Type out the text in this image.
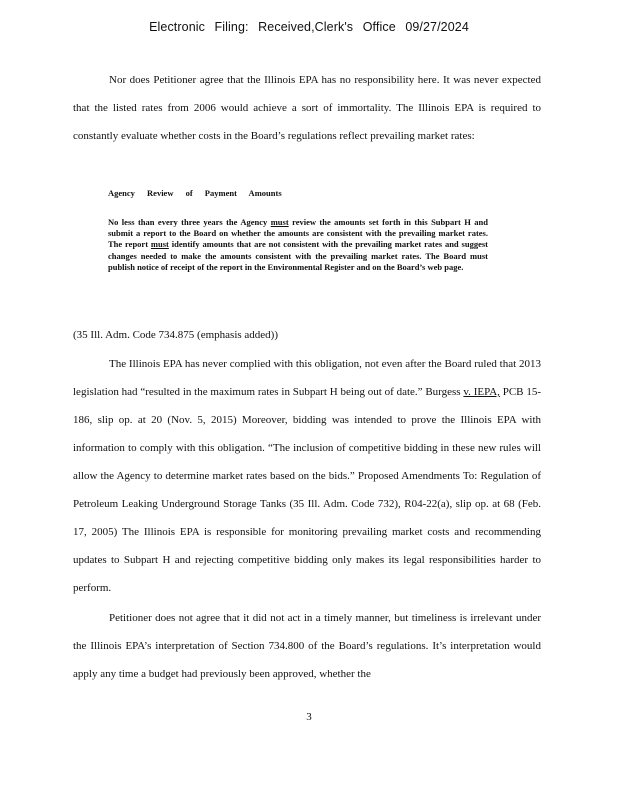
Electronic Filing: Received,Clerk's Office 09/27/2024

Nor does Petitioner agree that the Illinois EPA has no responsibility here. It was never expected that the listed rates from 2006 would achieve a sort of immortality. The Illinois EPA is required to constantly evaluate whether costs in the Board’s regulations reflect prevailing market rates:

Agency Review of Payment Amounts
No less than every three years the Agency must review the amounts set forth in this Subpart H and submit a report to the Board on whether the amounts are consistent with the prevailing market rates. The report must identify amounts that are not consistent with the prevailing market rates and suggest changes needed to make the amounts consistent with the prevailing market rates. The Board must publish notice of receipt of the report in the Environmental Register and on the Board’s web page.
(35 Ill. Adm. Code 734.875 (emphasis added))
The Illinois EPA has never complied with this obligation, not even after the Board ruled that 2013 legislation had “resulted in the maximum rates in Subpart H being out of date.” Burgess v. IEPA, PCB 15-186, slip op. at 20 (Nov. 5, 2015) Moreover, bidding was intended to prove the Illinois EPA with information to comply with this obligation. “The inclusion of competitive bidding in these new rules will allow the Agency to determine market rates based on the bids.” Proposed Amendments To: Regulation of Petroleum Leaking Underground Storage Tanks (35 Ill. Adm. Code 732), R04-22(a), slip op. at 68 (Feb. 17, 2005) The Illinois EPA is responsible for monitoring prevailing market costs and recommending updates to Subpart H and rejecting competitive bidding only makes its legal responsibilities harder to perform.

Petitioner does not agree that it did not act in a timely manner, but timeliness is irrelevant under the Illinois EPA’s interpretation of Section 734.800 of the Board’s regulations. It’s interpretation would apply any time a budget had previously been approved, whether the

3
